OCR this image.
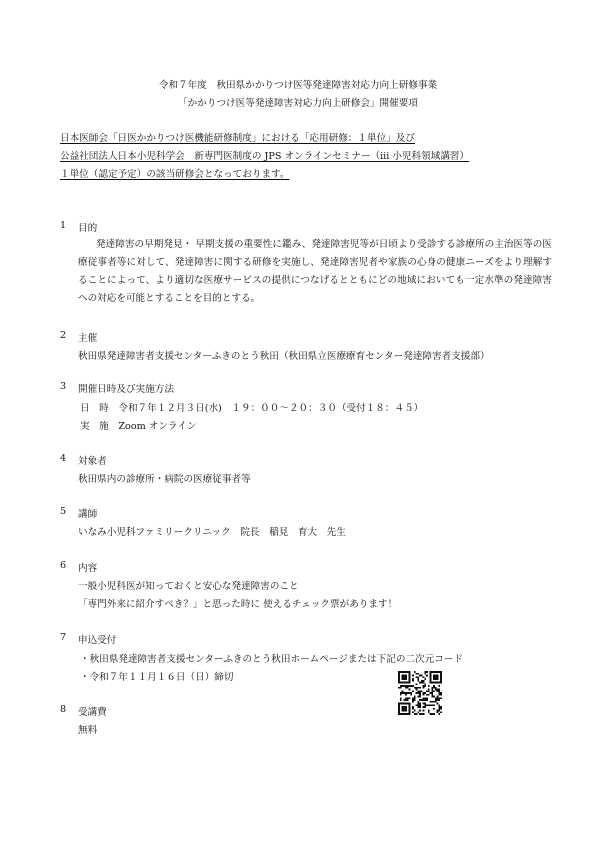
令和７年度　秋田県かかりつけ医等発達障害対応力向上研修事業
「かかりつけ医等発達障害対応力向上研修会」開催要項
日本医師会「日医かかりつけ医機能研修制度」における「応用研修：１単位」及び
公益社団法人日本小児科学会　新専門医制度の JPS オンラインセミナー（iii 小児科領域講習）
１単位（認定予定）の該当研修会となっております。
1 目的
発達障害の早期発見・ 早期支援の重要性に鑑み、発達障害児等が日頃より受診する診療所の主治医等の医療従事者等に対して、発達障害に関する研修を実施し、発達障害児者や家族の心身の健康ニーズをより理解することによって、より適切な医療サービスの提供につなげるとともにどの地域においても一定水準の発達障害への対応を可能とすることを目的とする。
2 主催
秋田県発達障害者支援センターふきのとう秋田（秋田県立医療療育センター発達障害者支援部）
3 開催日時及び実施方法
日　時　令和７年１２月３日(水)　１９：００～２０：３０（受付１８：４５）
実　施　Zoom オンライン
4 対象者
秋田県内の診療所・病院の医療従事者等
5 講師
いなみ小児科ファミリークリニック　院長　稲見　育大　先生
6 内容
一般小児科医が知っておくと安心な発達障害のこと
「専門外来に紹介すべき？」と思った時に 使えるチェック票があります！
7 申込受付
・秋田県発達障害者支援センターふきのとう秋田ホームページまたは下記の二次元コード
・令和７年１１月１６日（日）締切
8 受講費
無料
